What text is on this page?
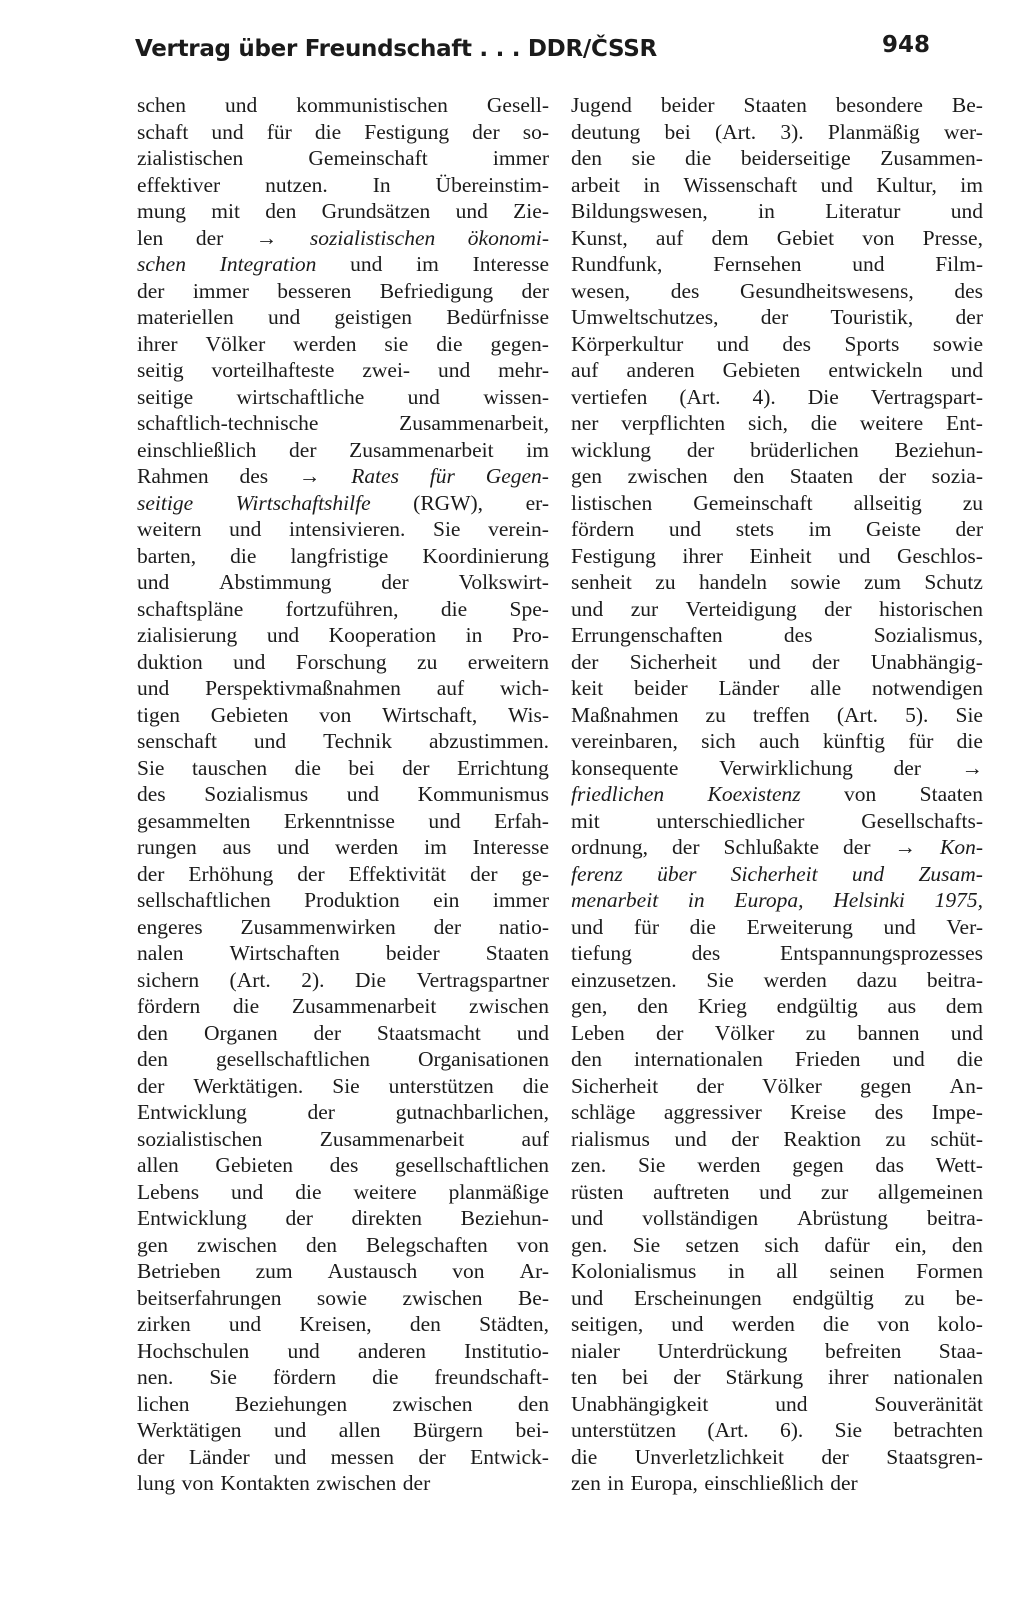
Vertrag über Freundschaft . . . DDR/ČSSR	948
schen und kommunistischen Gesell-
schaft und für die Festigung der so-
zialistischen	Gemeinschaft	immer
effektiver nutzen. In Übereinstim-
mung mit den Grundsätzen und Zie-
len der → sozialistischen ökonomi-
schen Integration und im Interesse
der immer besseren Befriedigung der
materiellen und geistigen Bedürfnisse
ihrer Völker werden sie die gegen-
seitig vorteilhafteste zwei- und mehr-
seitige wirtschaftliche und wissen-
schaftlich-technische	Zusammenarbeit,
einschließlich der Zusammenarbeit im
Rahmen des → Rates für Gegen-
seitige Wirtschaftshilfe (RGW), er-
weitern und intensivieren. Sie verein-
barten, die langfristige Koordinierung
und Abstimmung der Volkswirt-
schaftspläne fortzuführen, die Spe-
zialisierung und Kooperation in Pro-
duktion und Forschung zu erweitern
und Perspektivmaßnahmen auf wich-
tigen Gebieten von Wirtschaft, Wis-
senschaft und Technik abzustimmen.
Sie tauschen die bei der Errichtung
des Sozialismus und Kommunismus
gesammelten Erkenntnisse und Erfah-
rungen aus und werden im Interesse
der Erhöhung der Effektivität der ge-
sellschaftlichen Produktion ein immer
engeres Zusammenwirken der natio-
nalen Wirtschaften beider Staaten
sichern (Art. 2). Die Vertragspartner
fördern die Zusammenarbeit zwischen
den Organen der Staatsmacht und
den gesellschaftlichen Organisationen
der Werktätigen. Sie unterstützen die
Entwicklung	der	gutnachbarlichen,
sozialistischen	Zusammenarbeit	auf
allen Gebieten des gesellschaftlichen
Lebens und die weitere planmäßige
Entwicklung der direkten Beziehun-
gen zwischen den Belegschaften von
Betrieben zum Austausch von Ar-
beitserfahrungen sowie zwischen Be-
zirken und Kreisen, den Städten,
Hochschulen und anderen Institutio-
nen. Sie fördern die freundschaft-
lichen Beziehungen zwischen den
Werktätigen und allen Bürgern bei-
der Länder und messen der Entwick-
lung von Kontakten zwischen der
Jugend beider Staaten besondere Be-
deutung bei (Art. 3). Planmäßig wer-
den sie die beiderseitige Zusammen-
arbeit in Wissenschaft und Kultur, im
Bildungswesen, in Literatur und
Kunst, auf dem Gebiet von Presse,
Rundfunk, Fernsehen und Film-
wesen, des Gesundheitswesens, des
Umweltschutzes, der Touristik, der
Körperkultur und des Sports sowie
auf anderen Gebieten entwickeln und
vertiefen (Art. 4). Die Vertragspart-
ner verpflichten sich, die weitere Ent-
wicklung der brüderlichen Beziehun-
gen zwischen den Staaten der sozia-
listischen Gemeinschaft allseitig zu
fördern und stets im Geiste der
Festigung ihrer Einheit und Geschlos-
senheit zu handeln sowie zum Schutz
und zur Verteidigung der historischen
Errungenschaften	des	Sozialismus,
der Sicherheit und der Unabhängig-
keit beider Länder alle notwendigen
Maßnahmen zu treffen (Art. 5). Sie
vereinbaren, sich auch künftig für die
konsequente Verwirklichung der →
friedlichen Koexistenz von Staaten
mit	unterschiedlicher	Gesellschafts-
ordnung, der Schlußakte der → Kon-
ferenz über Sicherheit und Zusam-
menarbeit in Europa, Helsinki 1975,
und für die Erweiterung und Ver-
tiefung	des	Entspannungsprozesses
einzusetzen. Sie werden dazu beitra-
gen, den Krieg endgültig aus dem
Leben der Völker zu bannen und
den internationalen Frieden und die
Sicherheit der Völker gegen An-
schläge aggressiver Kreise des Impe-
rialismus und der Reaktion zu schüt-
zen. Sie werden gegen das Wett-
rüsten auftreten und zur allgemeinen
und vollständigen Abrüstung beitra-
gen. Sie setzen sich dafür ein, den
Kolonialismus in all seinen Formen
und Erscheinungen endgültig zu be-
seitigen, und werden die von kolo-
nialer Unterdrückung befreiten Staa-
ten bei der Stärkung ihrer nationalen
Unabhängigkeit	und	Souveränität
unterstützen (Art. 6). Sie betrachten
die Unverletzlichkeit der Staatsgren-
zen in Europa, einschließlich der
